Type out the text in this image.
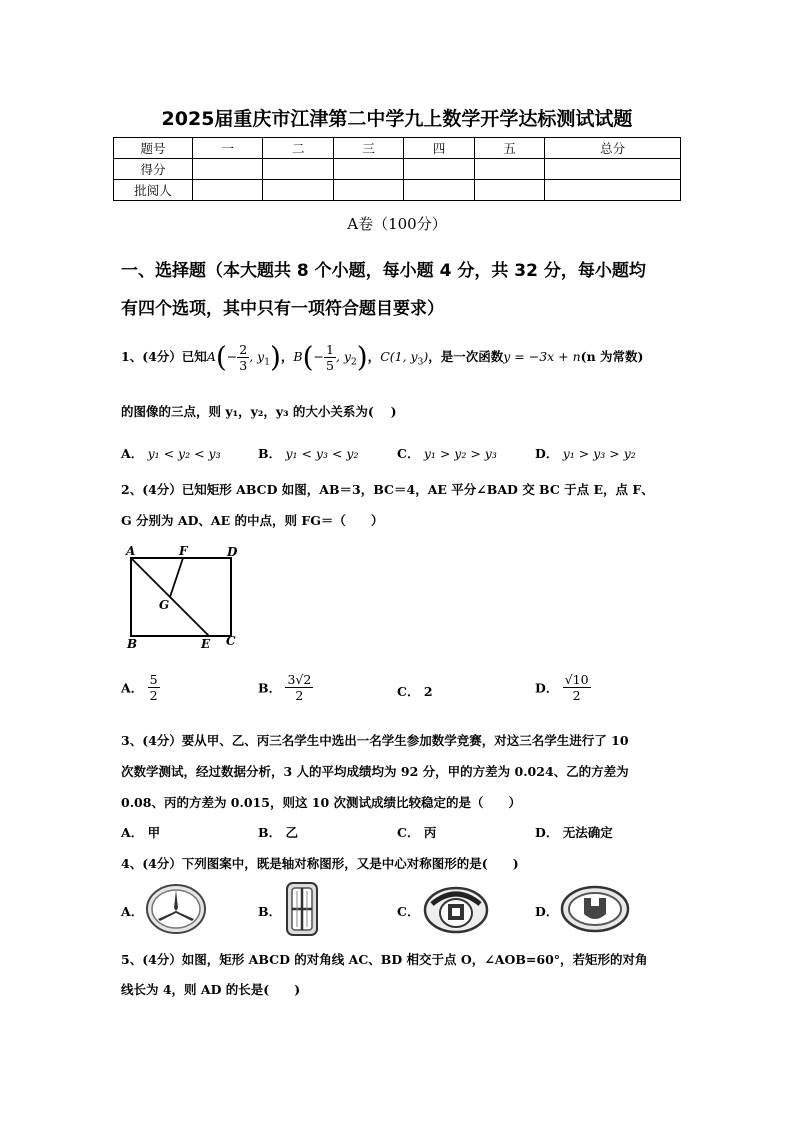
2025届重庆市江津第二中学九上数学开学达标测试试题
题号	一	二	三	四	五	总分
得分						
批阅人						
A卷（100分）
一、选择题（本大题共 8 个小题，每小题 4 分，共 32 分，每小题均
有四个选项，其中只有一项符合题目要求）
1、(4分）已知$A(- \frac{2}{3}$ , $y_1$)，$B(- \frac{1}{5}$ , $y_2$)，C(1, $y_3$)，是一次函数y = −3x + n(n 为常数)
的图像的三点，则 y₁，y₂，y₃ 的大小关系为(　 )
A． y₁ < y₂ < y₃	B． y₁ < y₃ < y₂	C． y₁ > y₂ > y₃	D． y₁ > y₃ > y₂
2、(4分）已知矩形 ABCD 如图，AB＝3，BC＝4，AE 平分∠BAD 交 BC 于点 E，点 F、
G 分别为 AD、AE 的中点，则 FG＝（　　）
A	F	D
G
B	E C
A． $\frac{5}{2}$	B． $\frac{3√2}{2}$	C． 2	D． $\frac{√10}{2}$
3、(4分）要从甲、乙、丙三名学生中选出一名学生参加数学竞赛，对这三名学生进行了 10
次数学测试，经过数据分析，3 人的平均成绩均为 92 分，甲的方差为 0.024、乙的方差为
0.08、丙的方差为 0.015，则这 10 次测试成绩比较稳定的是（　　）
A． 甲	B． 乙	C． 丙	D． 无法确定
4、(4分）下列图案中，既是轴对称图形，又是中心对称图形的是(　　)
A．	B．	C．	D．
5、(4分）如图，矩形 ABCD 的对角线 AC、BD 相交于点 O，∠AOB=60°，若矩形的对角
线长为 4，则 AD 的长是(　　)
